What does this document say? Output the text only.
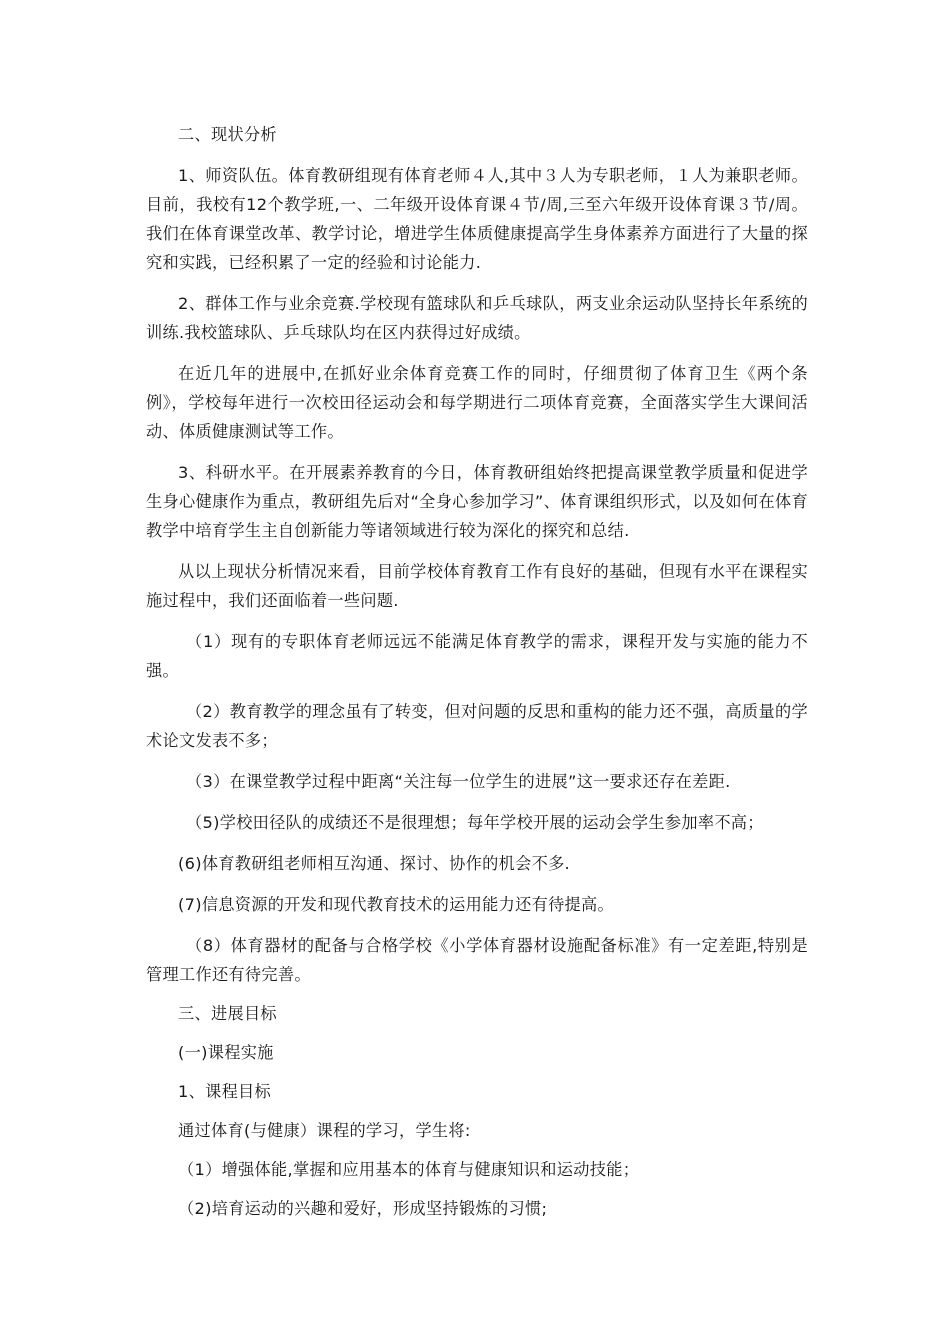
二、现状分析

1、师资队伍。体育教研组现有体育老师４人,其中３人为专职老师，１人为兼职老师。目前，我校有12个教学班,一、二年级开设体育课４节/周,三至六年级开设体育课３节/周。我们在体育课堂改革、教学讨论，增进学生体质健康提高学生身体素养方面进行了大量的探究和实践，已经积累了一定的经验和讨论能力.

2、群体工作与业余竞赛.学校现有篮球队和乒乓球队，两支业余运动队坚持长年系统的训练.我校篮球队、乒乓球队均在区内获得过好成绩。

在近几年的进展中,在抓好业余体育竞赛工作的同时，仔细贯彻了体育卫生《两个条例》，学校每年进行一次校田径运动会和每学期进行二项体育竞赛，全面落实学生大课间活动、体质健康测试等工作。

3、科研水平。在开展素养教育的今日，体育教研组始终把提高课堂教学质量和促进学生身心健康作为重点，教研组先后对“全身心参加学习”、体育课组织形式，以及如何在体育教学中培育学生主自创新能力等诸领域进行较为深化的探究和总结.

从以上现状分析情况来看，目前学校体育教育工作有良好的基础，但现有水平在课程实施过程中，我们还面临着一些问题.

（1）现有的专职体育老师远远不能满足体育教学的需求，课程开发与实施的能力不强。

（2）教育教学的理念虽有了转变，但对问题的反思和重构的能力还不强，高质量的学术论文发表不多；

（3）在课堂教学过程中距离“关注每一位学生的进展”这一要求还存在差距.

（5)学校田径队的成绩还不是很理想；每年学校开展的运动会学生参加率不高；

(6)体育教研组老师相互沟通、探讨、协作的机会不多.

(7)信息资源的开发和现代教育技术的运用能力还有待提高。

（8）体育器材的配备与合格学校《小学体育器材设施配备标准》有一定差距,特别是管理工作还有待完善。

三、进展目标

(一)课程实施

1、课程目标

通过体育(与健康）课程的学习，学生将:

（1）增强体能,掌握和应用基本的体育与健康知识和运动技能；

（2)培育运动的兴趣和爱好，形成坚持锻炼的习惯;
